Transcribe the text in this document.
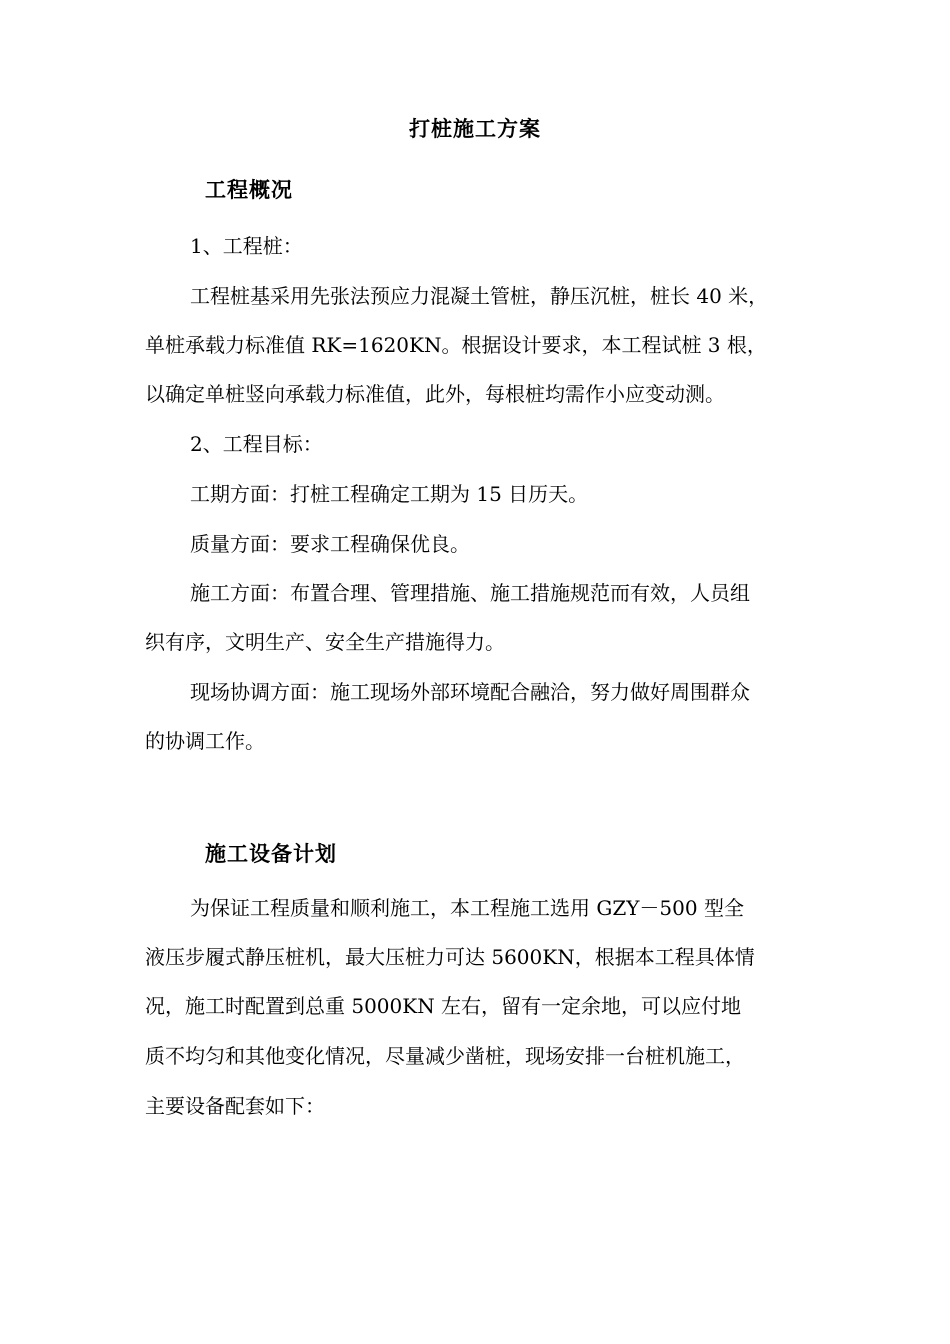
打桩施工方案
工程概况
1、工程桩：
工程桩基采用先张法预应力混凝土管桩，静压沉桩，桩长 40 米，
单桩承载力标准值 RK=1620KN。根据设计要求，本工程试桩 3 根，
以确定单桩竖向承载力标准值，此外，每根桩均需作小应变动测。
2、工程目标：
工期方面：打桩工程确定工期为 15 日历天。
质量方面：要求工程确保优良。
施工方面：布置合理、管理措施、施工措施规范而有效，人员组
织有序，文明生产、安全生产措施得力。
现场协调方面：施工现场外部环境配合融洽，努力做好周围群众
的协调工作。
施工设备计划
为保证工程质量和顺利施工，本工程施工选用 GZY－500 型全
液压步履式静压桩机，最大压桩力可达 5600KN，根据本工程具体情
况，施工时配置到总重 5000KN 左右，留有一定余地，可以应付地
质不均匀和其他变化情况，尽量减少凿桩，现场安排一台桩机施工，
主要设备配套如下：
